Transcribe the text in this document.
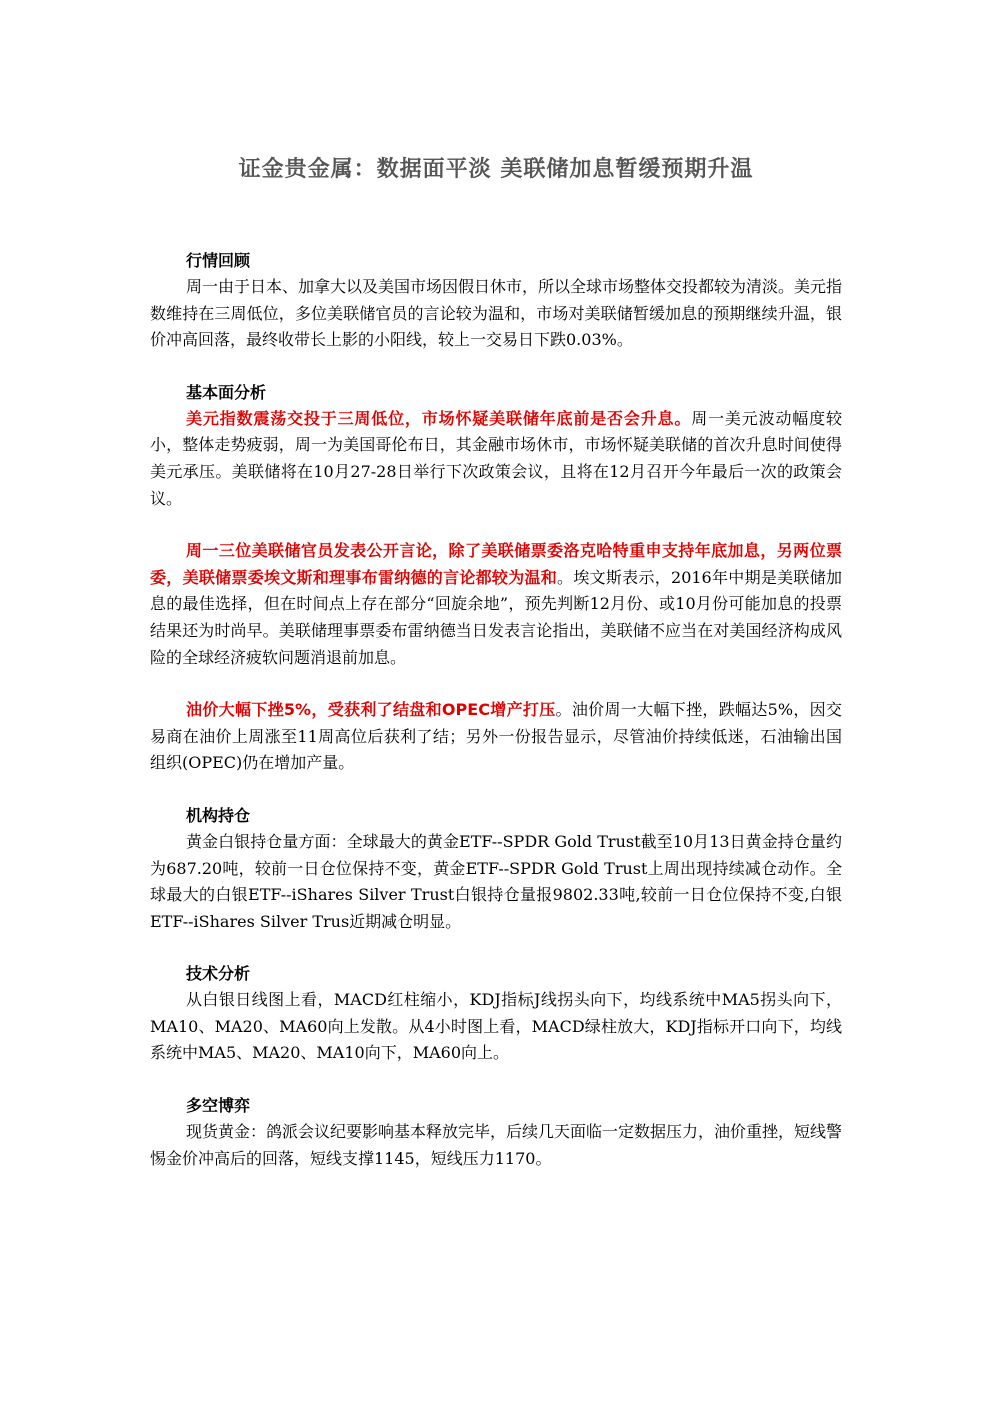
证金贵金属：数据面平淡 美联储加息暂缓预期升温
行情回顾

周一由于日本、加拿大以及美国市场因假日休市，所以全球市场整体交投都较为清淡。美元指数维持在三周低位，多位美联储官员的言论较为温和，市场对美联储暂缓加息的预期继续升温，银价冲高回落，最终收带长上影的小阳线，较上一交易日下跌0.03%。

基本面分析

美元指数震荡交投于三周低位，市场怀疑美联储年底前是否会升息。周一美元波动幅度较小，整体走势疲弱，周一为美国哥伦布日，其金融市场休市，市场怀疑美联储的首次升息时间使得美元承压。美联储将在10月27-28日举行下次政策会议，且将在12月召开今年最后一次的政策会议。

周一三位美联储官员发表公开言论，除了美联储票委洛克哈特重申支持年底加息，另两位票委，美联储票委埃文斯和理事布雷纳德的言论都较为温和。埃文斯表示，2016年中期是美联储加息的最佳选择，但在时间点上存在部分“回旋余地”，预先判断12月份、或10月份可能加息的投票结果还为时尚早。美联储理事票委布雷纳德当日发表言论指出，美联储不应当在对美国经济构成风险的全球经济疲软问题消退前加息。

油价大幅下挫5%，受获利了结盘和OPEC增产打压。油价周一大幅下挫，跌幅达5%，因交易商在油价上周涨至11周高位后获利了结；另外一份报告显示，尽管油价持续低迷，石油输出国组织(OPEC)仍在增加产量。

机构持仓

黄金白银持仓量方面：全球最大的黄金ETF--SPDR Gold Trust截至10月13日黄金持仓量约为687.20吨，较前一日仓位保持不变，黄金ETF--SPDR Gold Trust上周出现持续减仓动作。全球最大的白银ETF--iShares Silver Trust白银持仓量报9802.33吨,较前一日仓位保持不变,白银ETF--iShares Silver Trus近期减仓明显。

技术分析

从白银日线图上看，MACD红柱缩小，KDJ指标J线拐头向下，均线系统中MA5拐头向下，MA10、MA20、MA60向上发散。从4小时图上看，MACD绿柱放大，KDJ指标开口向下，均线系统中MA5、MA20、MA10向下，MA60向上。

多空博弈

现货黄金：鸽派会议纪要影响基本释放完毕，后续几天面临一定数据压力，油价重挫，短线警惕金价冲高后的回落，短线支撑1145，短线压力1170。
